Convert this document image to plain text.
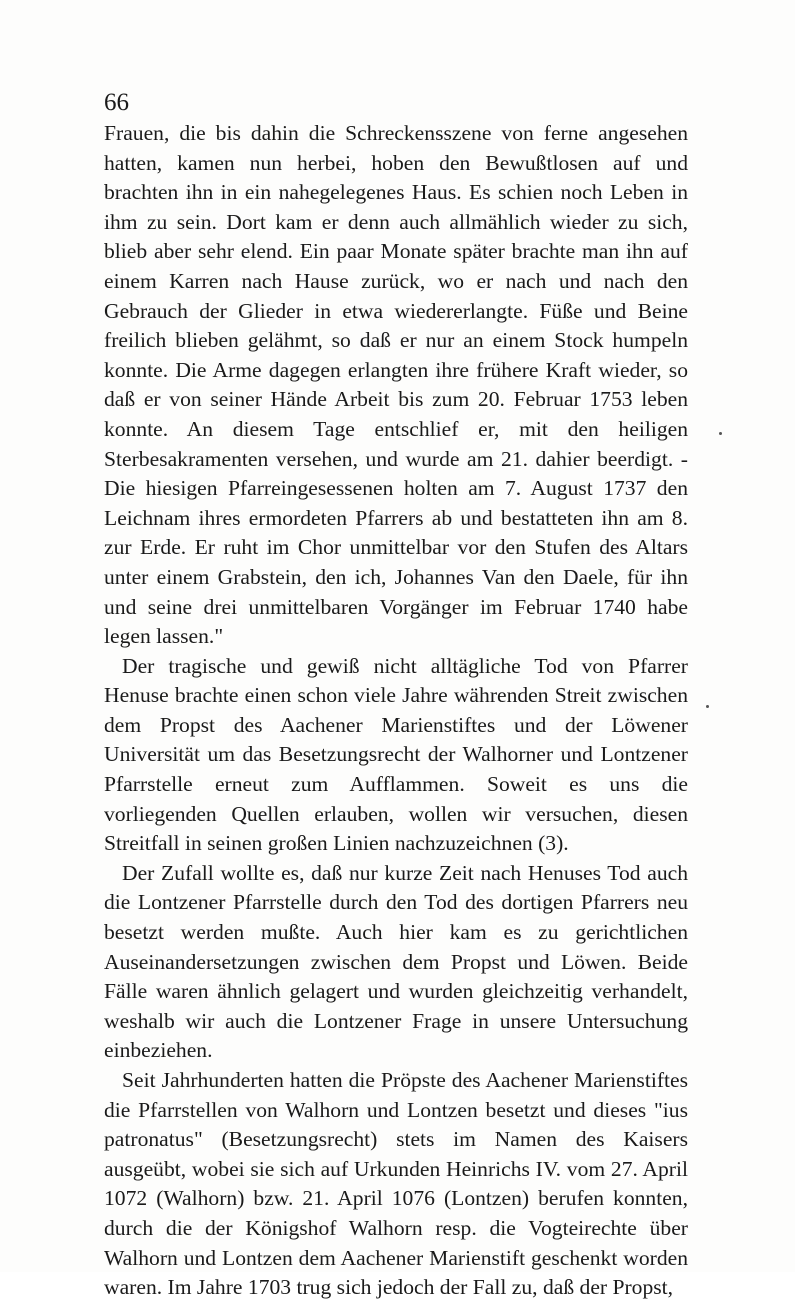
66

Frauen, die bis dahin die Schreckensszene von ferne angesehen hatten, kamen nun herbei, hoben den Bewußtlosen auf und brachten ihn in ein nahegelegenes Haus. Es schien noch Leben in ihm zu sein. Dort kam er denn auch allmählich wieder zu sich, blieb aber sehr elend. Ein paar Monate später brachte man ihn auf einem Karren nach Hause zurück, wo er nach und nach den Gebrauch der Glieder in etwa wiedererlangte. Füße und Beine freilich blieben gelähmt, so daß er nur an einem Stock humpeln konnte. Die Arme dagegen erlangten ihre frühere Kraft wieder, so daß er von seiner Hände Arbeit bis zum 20. Februar 1753 leben konnte. An diesem Tage entschlief er, mit den heiligen Sterbesakramenten versehen, und wurde am 21. dahier beerdigt. - Die hiesigen Pfarreingesessenen holten am 7. August 1737 den Leichnam ihres ermordeten Pfarrers ab und bestatteten ihn am 8. zur Erde. Er ruht im Chor unmittelbar vor den Stufen des Altars unter einem Grabstein, den ich, Johannes Van den Daele, für ihn und seine drei unmittelbaren Vorgänger im Februar 1740 habe legen lassen."

Der tragische und gewiß nicht alltägliche Tod von Pfarrer Henuse brachte einen schon viele Jahre währenden Streit zwischen dem Propst des Aachener Marienstiftes und der Löwener Universität um das Besetzungsrecht der Walhorner und Lontzener Pfarrstelle erneut zum Aufflammen. Soweit es uns die vorliegenden Quellen erlauben, wollen wir versuchen, diesen Streitfall in seinen großen Linien nachzuzeichnen (3).

Der Zufall wollte es, daß nur kurze Zeit nach Henuses Tod auch die Lontzener Pfarrstelle durch den Tod des dortigen Pfarrers neu besetzt werden mußte. Auch hier kam es zu gerichtlichen Auseinandersetzungen zwischen dem Propst und Löwen. Beide Fälle waren ähnlich gelagert und wurden gleichzeitig verhandelt, weshalb wir auch die Lontzener Frage in unsere Untersuchung einbeziehen.

Seit Jahrhunderten hatten die Pröpste des Aachener Marienstiftes die Pfarrstellen von Walhorn und Lontzen besetzt und dieses "ius patronatus" (Besetzungsrecht) stets im Namen des Kaisers ausgeübt, wobei sie sich auf Urkunden Heinrichs IV. vom 27. April 1072 (Walhorn) bzw. 21. April 1076 (Lontzen) berufen konnten, durch die der Königshof Walhorn resp. die Vogteirechte über Walhorn und Lontzen dem Aachener Marienstift geschenkt worden waren. Im Jahre 1703 trug sich jedoch der Fall zu, daß der Propst,
